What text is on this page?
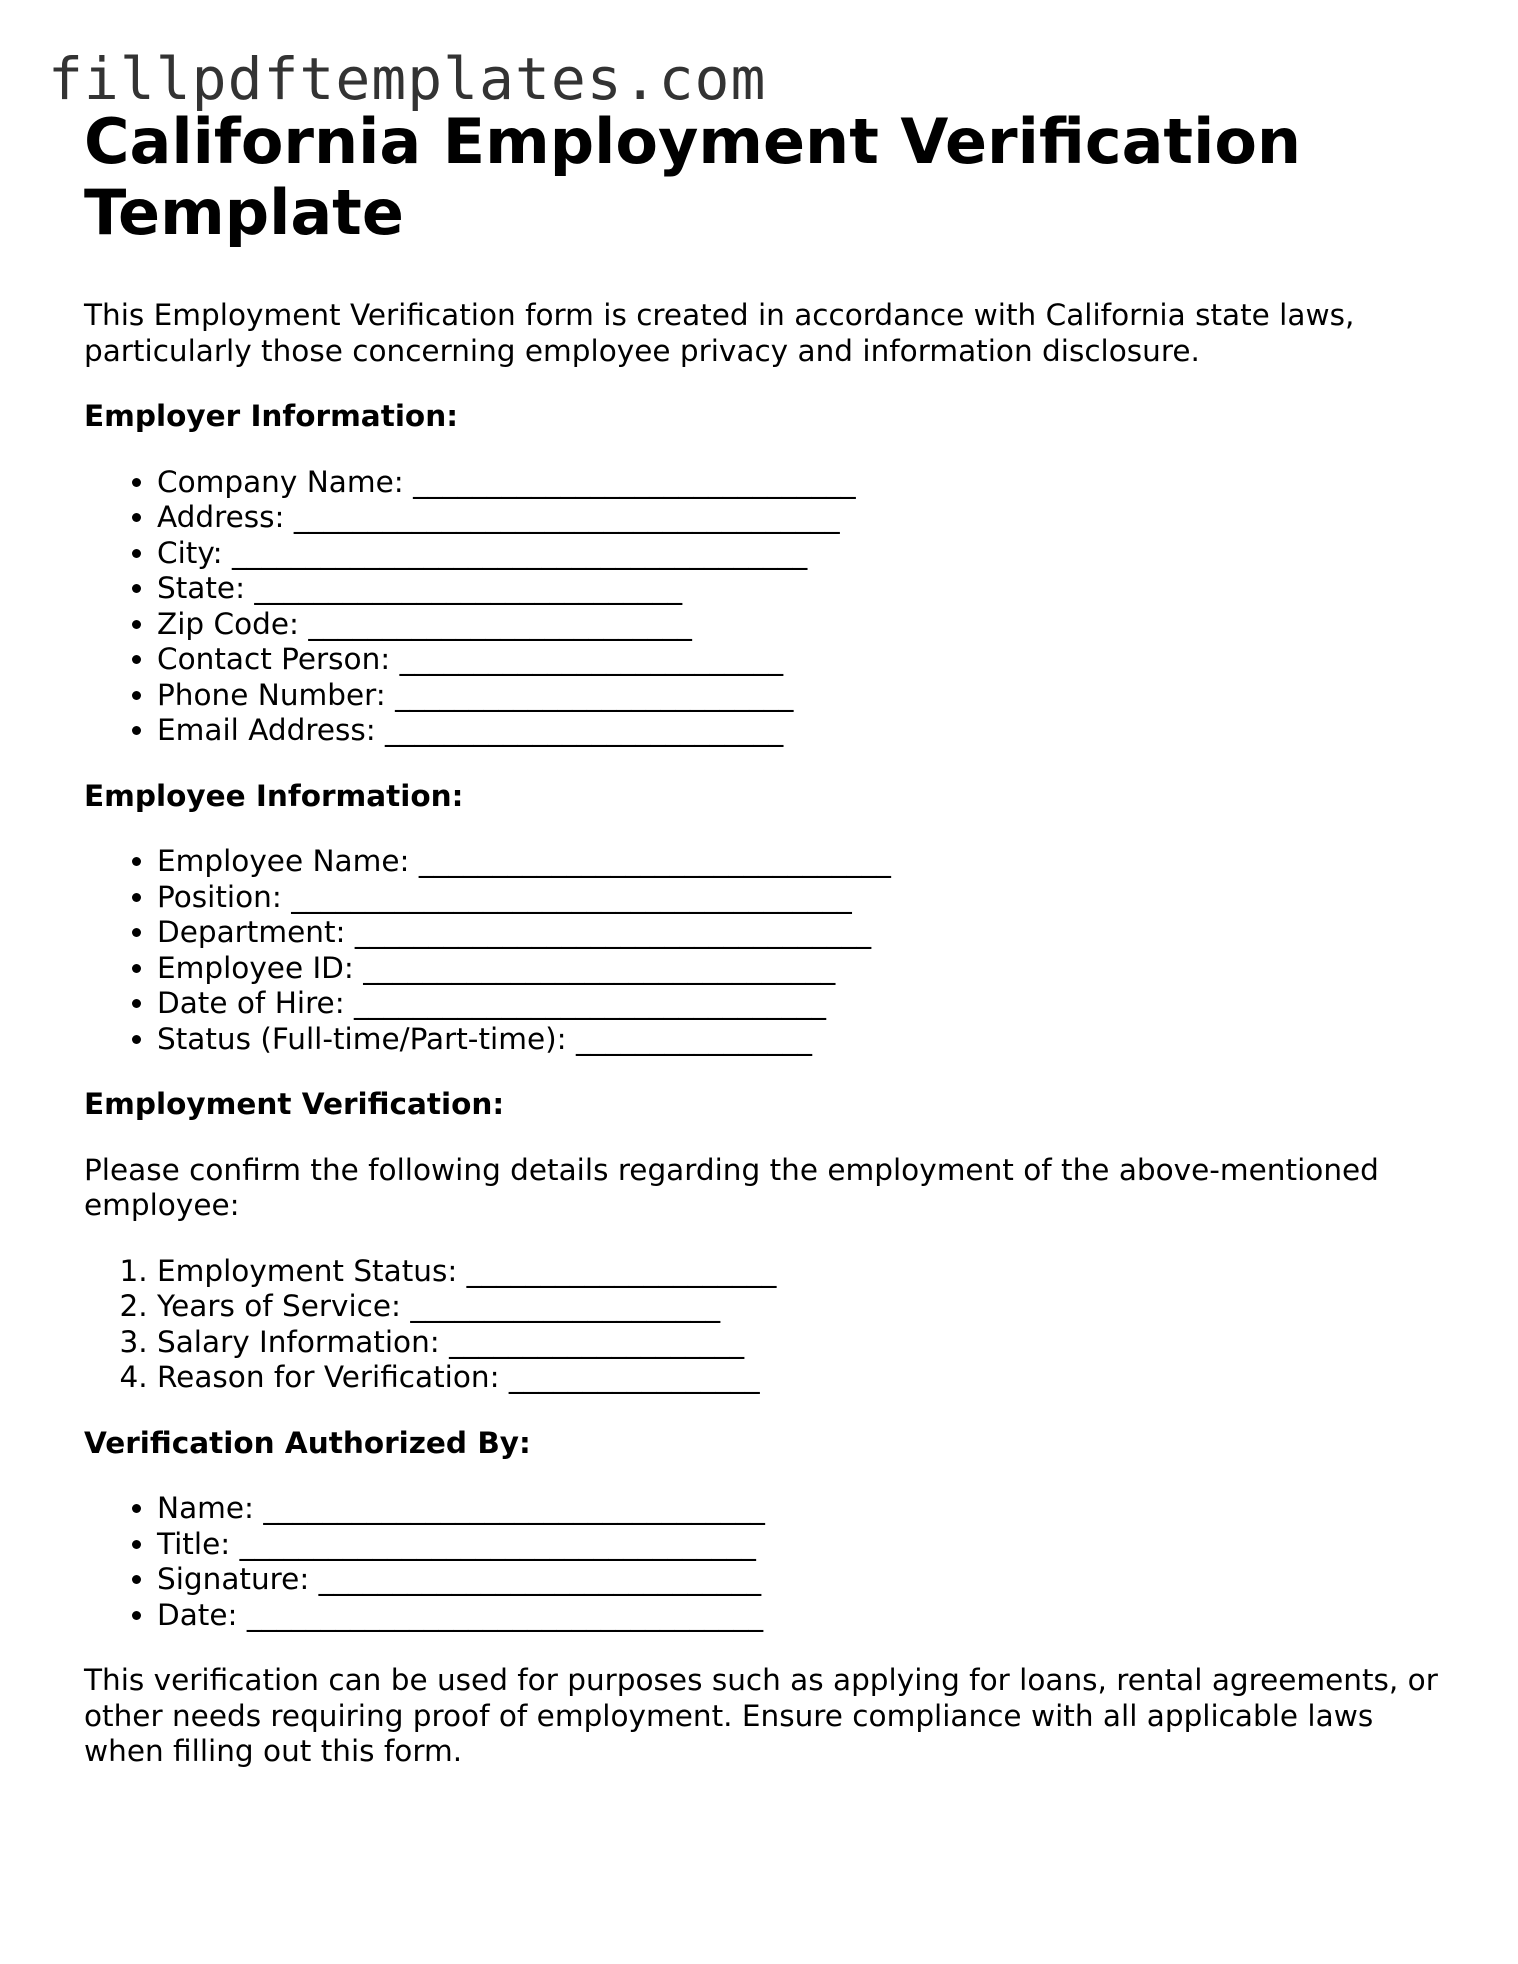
fillpdftemplates.com
California Employment Verification Template

This Employment Verification form is created in accordance with California state laws, particularly those concerning employee privacy and information disclosure.

Employer Information:

• Company Name: ______________________________
• Address: _____________________________________
• City: _______________________________________
• State: _____________________________
• Zip Code: __________________________
• Contact Person: __________________________
• Phone Number: ___________________________
• Email Address: ___________________________

Employee Information:

• Employee Name: ________________________________
• Position: ______________________________________
• Department: ___________________________________
• Employee ID: ________________________________
• Date of Hire: ________________________________
• Status (Full-time/Part-time): ________________

Employment Verification:

Please confirm the following details regarding the employment of the above-mentioned employee:

1. Employment Status: _____________________
2. Years of Service: _____________________
3. Salary Information: ____________________
4. Reason for Verification: _________________

Verification Authorized By:

• Name: __________________________________
• Title: ___________________________________
• Signature: ______________________________
• Date: ___________________________________

This verification can be used for purposes such as applying for loans, rental agreements, or other needs requiring proof of employment. Ensure compliance with all applicable laws when filling out this form.
